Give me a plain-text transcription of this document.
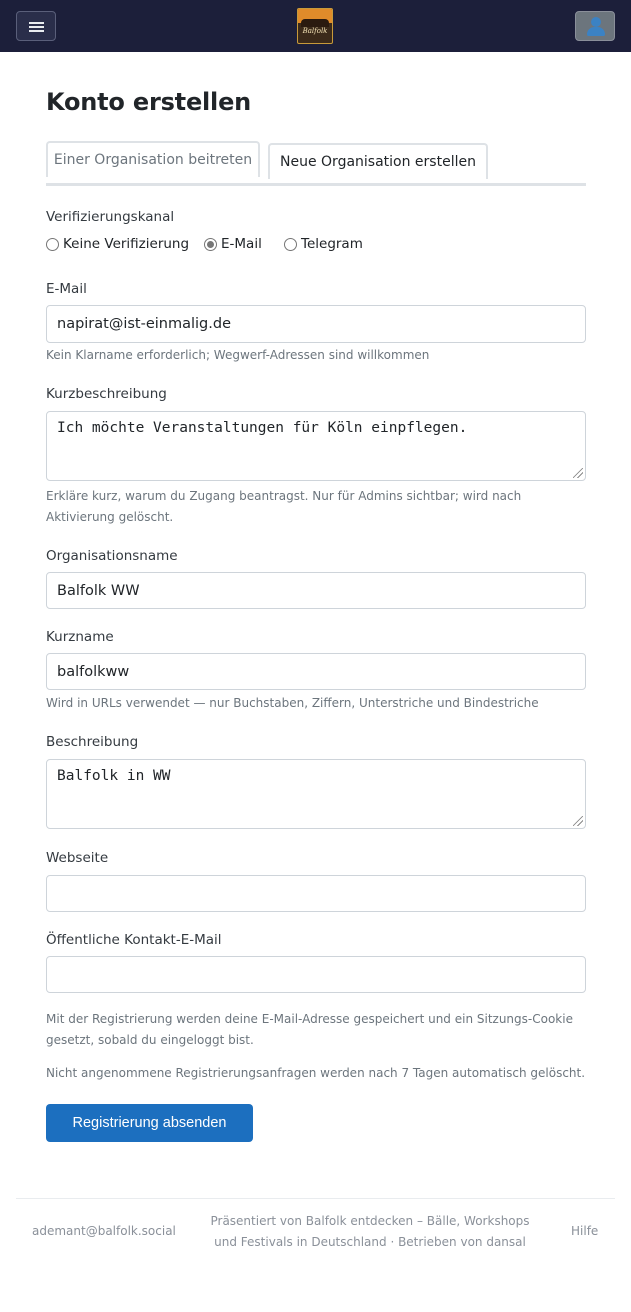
Balfolk
Konto erstellen
Einer Organisation beitreten	Neue Organisation erstellen
Verifizierungskanal
Keine Verifizierung E-Mail	Telegram
E-Mail
napirat@ist-einmalig.de
Kein Klarname erforderlich; Wegwerf-Adressen sind willkommen
Kurzbeschreibung
Ich möchte Veranstaltungen für Köln einpflegen.
Erkläre kurz, warum du Zugang beantragst. Nur für Admins sichtbar; wird nach Aktivierung gelöscht.
Organisationsname
Balfolk WW
Kurzname
balfolkww
Wird in URLs verwendet — nur Buchstaben, Ziffern, Unterstriche und Bindestriche
Beschreibung
Balfolk in WW
Webseite
Öffentliche Kontakt-E-Mail
Mit der Registrierung werden deine E-Mail-Adresse gespeichert und ein Sitzungs-Cookie gesetzt, sobald du eingeloggt bist.
Nicht angenommene Registrierungsanfragen werden nach 7 Tagen automatisch gelöscht.
Registrierung absenden
ademant@balfolk.social
Präsentiert von Balfolk entdecken – Bälle, Workshops und Festivals in Deutschland · Betrieben von dansal
Hilfe
